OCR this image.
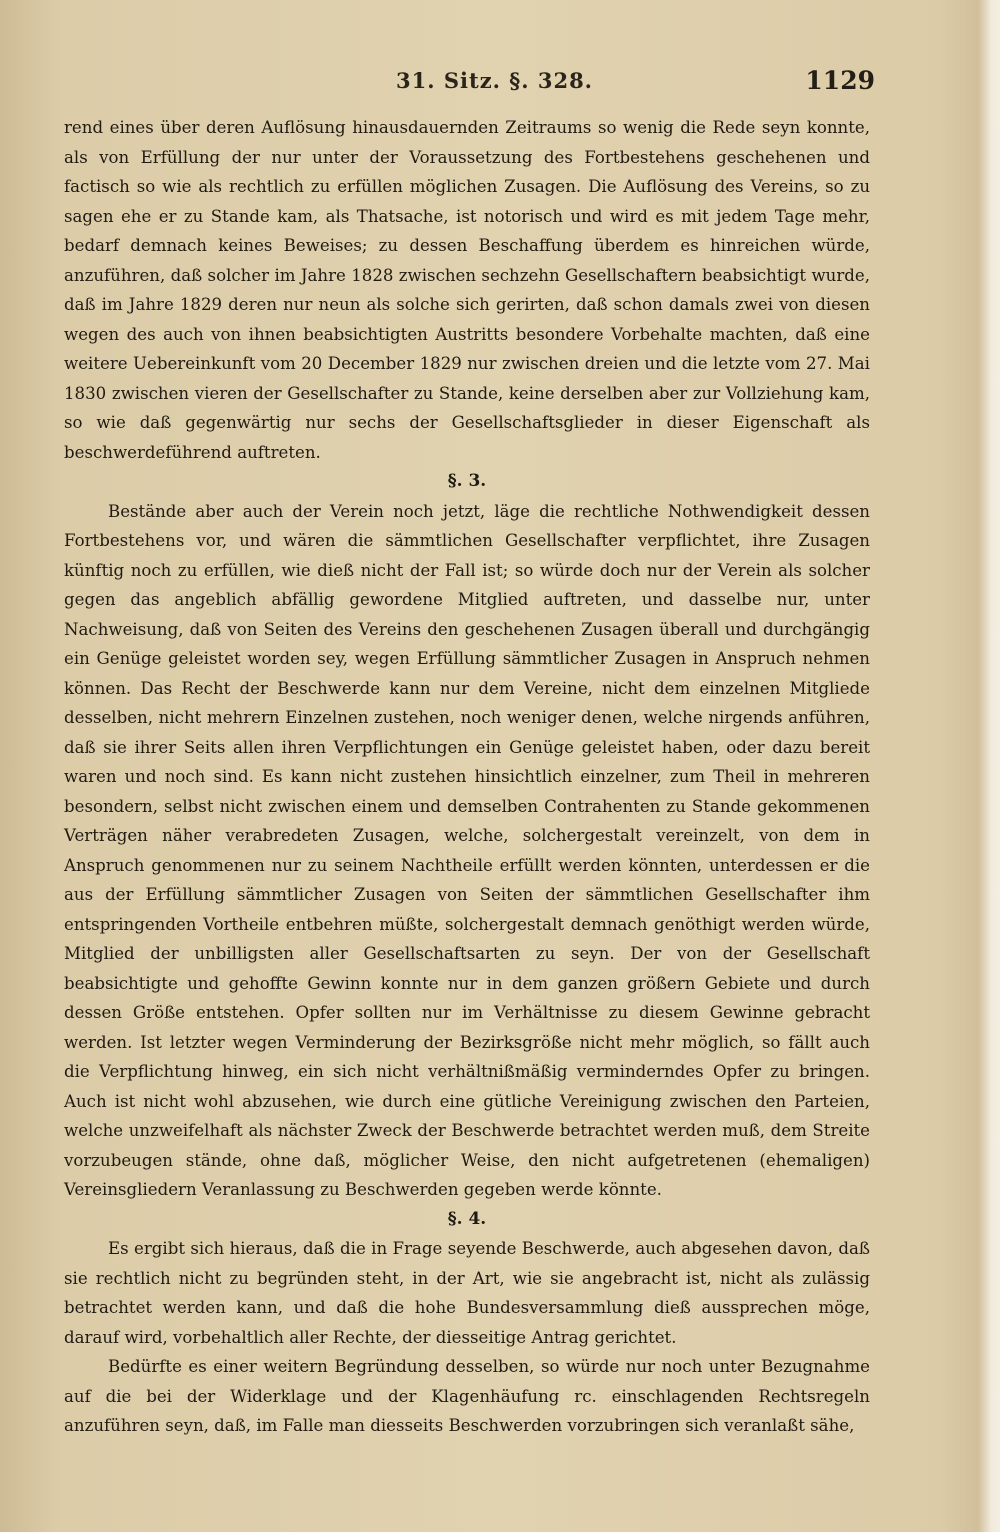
31. Sitz. §. 328.	1129

rend eines über deren Auflösung hinausdauernden Zeitraums so wenig die Rede seyn konnte, als von Erfüllung der nur unter der Voraussetzung des Fortbestehens geschehenen und factisch so wie als rechtlich zu erfüllen möglichen Zusagen. Die Auflösung des Vereins, so zu sagen ehe er zu Stande kam, als Thatsache, ist notorisch und wird es mit jedem Tage mehr, bedarf demnach keines Beweises; zu dessen Beschaffung überdem es hinreichen würde, anzuführen, daß solcher im Jahre 1828 zwischen sechzehn Gesellschaftern beabsichtigt wurde, daß im Jahre 1829 deren nur neun als solche sich gerirten, daß schon damals zwei von diesen wegen des auch von ihnen beabsichtigten Austritts besondere Vorbehalte machten, daß eine weitere Uebereinkunft vom 20 December 1829 nur zwischen dreien und die letzte vom 27. Mai 1830 zwischen vieren der Gesellschafter zu Stande, keine derselben aber zur Vollziehung kam, so wie daß gegenwärtig nur sechs der Gesellschaftsglieder in dieser Eigenschaft als beschwerdeführend auftreten.

§. 3.

Bestände aber auch der Verein noch jetzt, läge die rechtliche Nothwendigkeit dessen Fortbestehens vor, und wären die sämmtlichen Gesellschafter verpflichtet, ihre Zusagen künftig noch zu erfüllen, wie dieß nicht der Fall ist; so würde doch nur der Verein als solcher gegen das angeblich abfällig gewordene Mitglied auftreten, und dasselbe nur, unter Nachweisung, daß von Seiten des Vereins den geschehenen Zusagen überall und durchgängig ein Genüge geleistet worden sey, wegen Erfüllung sämmtlicher Zusagen in Anspruch nehmen können. Das Recht der Beschwerde kann nur dem Vereine, nicht dem einzelnen Mitgliede desselben, nicht mehrern Einzelnen zustehen, noch weniger denen, welche nirgends anführen, daß sie ihrer Seits allen ihren Verpflichtungen ein Genüge geleistet haben, oder dazu bereit waren und noch sind. Es kann nicht zustehen hinsichtlich einzelner, zum Theil in mehreren besondern, selbst nicht zwischen einem und demselben Contrahenten zu Stande gekommenen Verträgen näher verabredeten Zusagen, welche, solchergestalt vereinzelt, von dem in Anspruch genommenen nur zu seinem Nachtheile erfüllt werden könnten, unterdessen er die aus der Erfüllung sämmtlicher Zusagen von Seiten der sämmtlichen Gesellschafter ihm entspringenden Vortheile entbehren müßte, solchergestalt demnach genöthigt werden würde, Mitglied der unbilligsten aller Gesellschaftsarten zu seyn. Der von der Gesellschaft beabsichtigte und gehoffte Gewinn konnte nur in dem ganzen größern Gebiete und durch dessen Größe entstehen. Opfer sollten nur im Verhältnisse zu diesem Gewinne gebracht werden. Ist letzter wegen Verminderung der Bezirksgröße nicht mehr möglich, so fällt auch die Verpflichtung hinweg, ein sich nicht verhältnißmäßig verminderndes Opfer zu bringen. Auch ist nicht wohl abzusehen, wie durch eine gütliche Vereinigung zwischen den Parteien, welche unzweifelhaft als nächster Zweck der Beschwerde betrachtet werden muß, dem Streite vorzubeugen stände, ohne daß, möglicher Weise, den nicht aufgetretenen (ehemaligen) Vereinsgliedern Veranlassung zu Beschwerden gegeben werde könnte.

§. 4.

Es ergibt sich hieraus, daß die in Frage seyende Beschwerde, auch abgesehen davon, daß sie rechtlich nicht zu begründen steht, in der Art, wie sie angebracht ist, nicht als zulässig betrachtet werden kann, und daß die hohe Bundesversammlung dieß aussprechen möge, darauf wird, vorbehaltlich aller Rechte, der diesseitige Antrag gerichtet.

Bedürfte es einer weitern Begründung desselben, so würde nur noch unter Bezugnahme auf die bei der Widerklage und der Klagenhäufung rc. einschlagenden Rechtsregeln anzuführen seyn, daß, im Falle man diesseits Beschwerden vorzubringen sich veranlaßt sähe,
